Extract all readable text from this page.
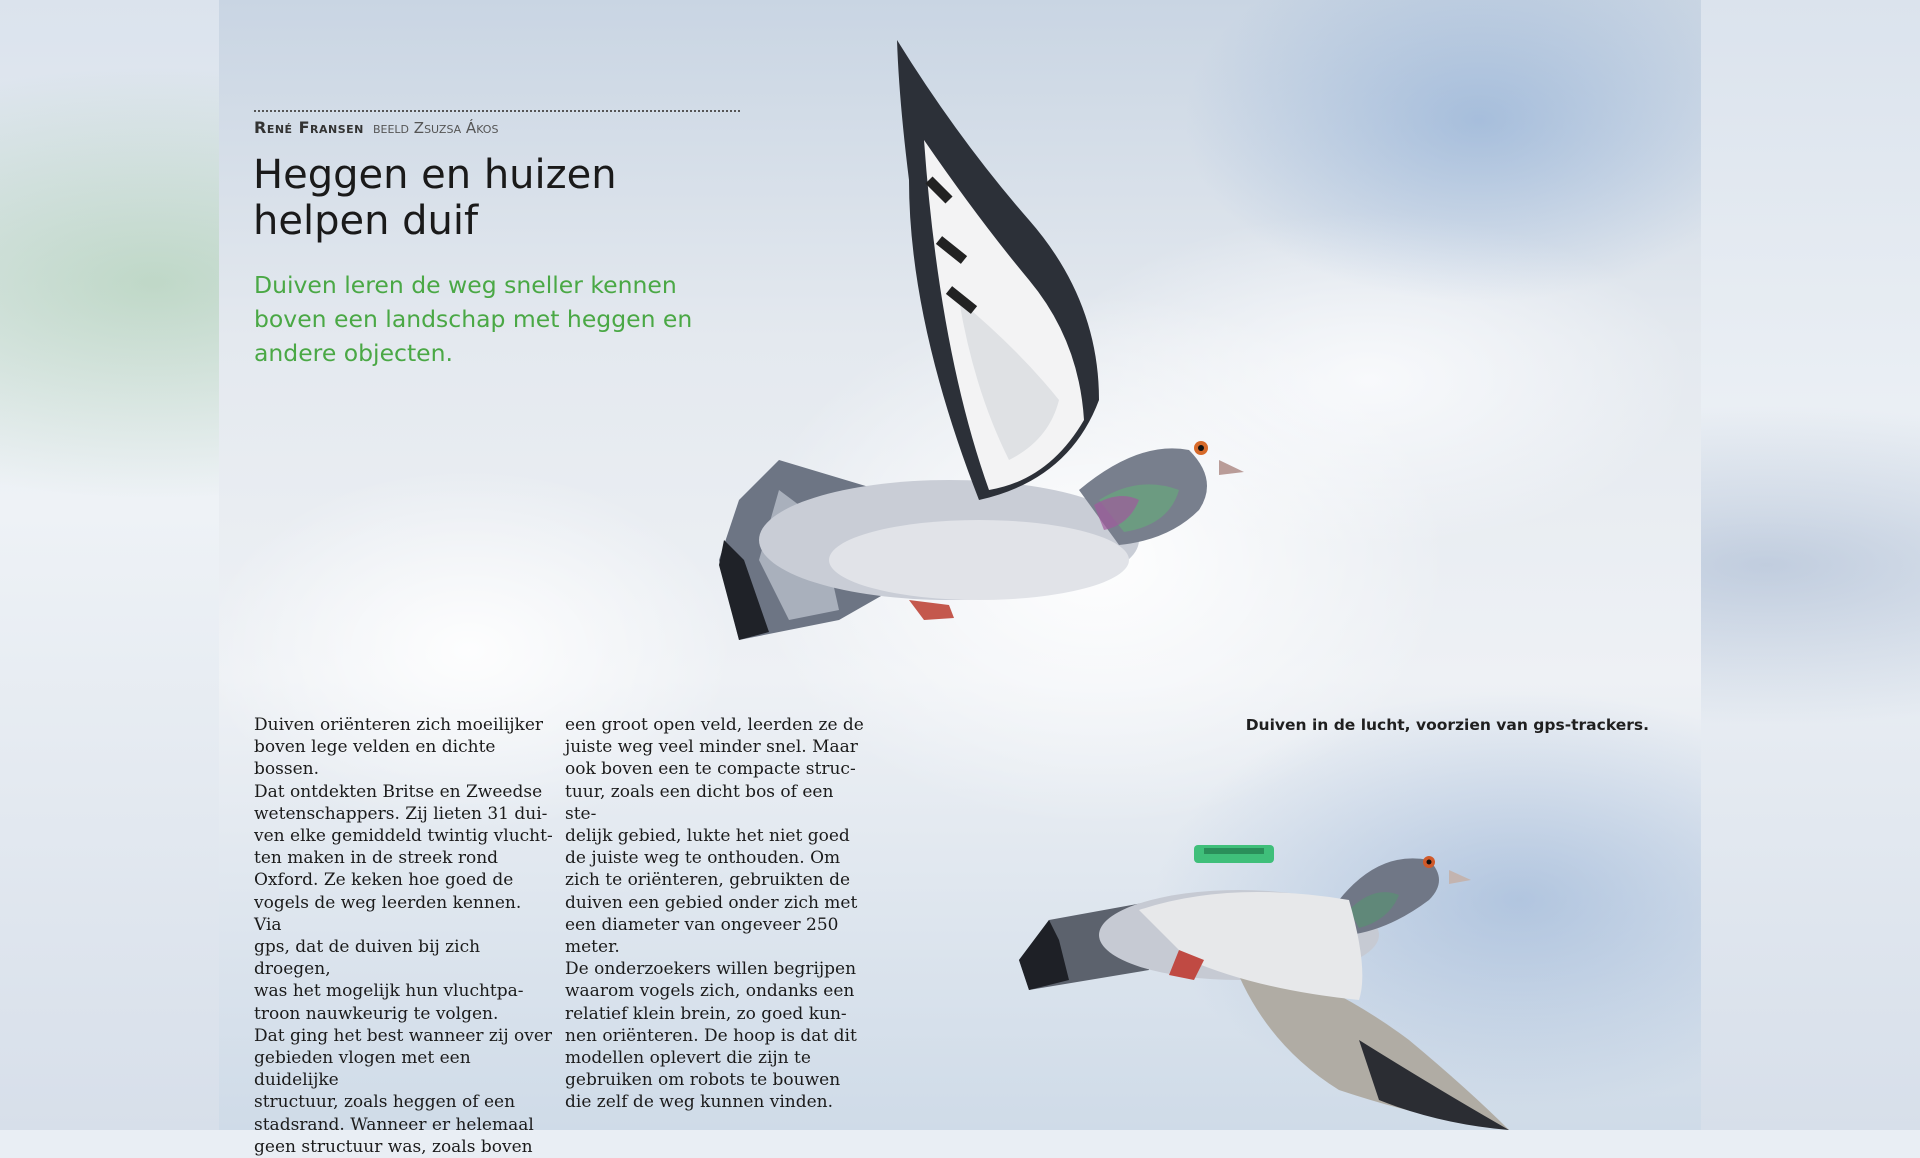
René Fransen beeld Zsuzsa Ákos
Heggen en huizen
helpen duif

Duiven leren de weg sneller kennen boven een landschap met heggen en andere objecten.

Duiven oriënteren zich moeilijker
boven lege velden en dichte
bossen.

Dat ontdekten Britse en Zweedse
wetenschappers. Zij lieten 31 dui-
ven elke gemiddeld twintig vlucht-
ten maken in de streek rond
Oxford. Ze keken hoe goed de
vogels de weg leerden kennen. Via
gps, dat de duiven bij zich droegen,
was het mogelijk hun vluchtpa-
troon nauwkeurig te volgen.

Dat ging het best wanneer zij over
gebieden vlogen met een duidelijke
structuur, zoals heggen of een
stadsrand. Wanneer er helemaal
geen structuur was, zoals boven

een groot open veld, leerden ze de
juiste weg veel minder snel. Maar
ook boven een te compacte struc-
tuur, zoals een dicht bos of een ste-
delijk gebied, lukte het niet goed
de juiste weg te onthouden. Om
zich te oriënteren, gebruikten de
duiven een gebied onder zich met
een diameter van ongeveer 250
meter.

De onderzoekers willen begrijpen
waarom vogels zich, ondanks een
relatief klein brein, zo goed kun-
nen oriënteren. De hoop is dat dit
modellen oplevert die zijn te
gebruiken om robots te bouwen
die zelf de weg kunnen vinden.

Duiven in de lucht, voorzien van gps-trackers.
